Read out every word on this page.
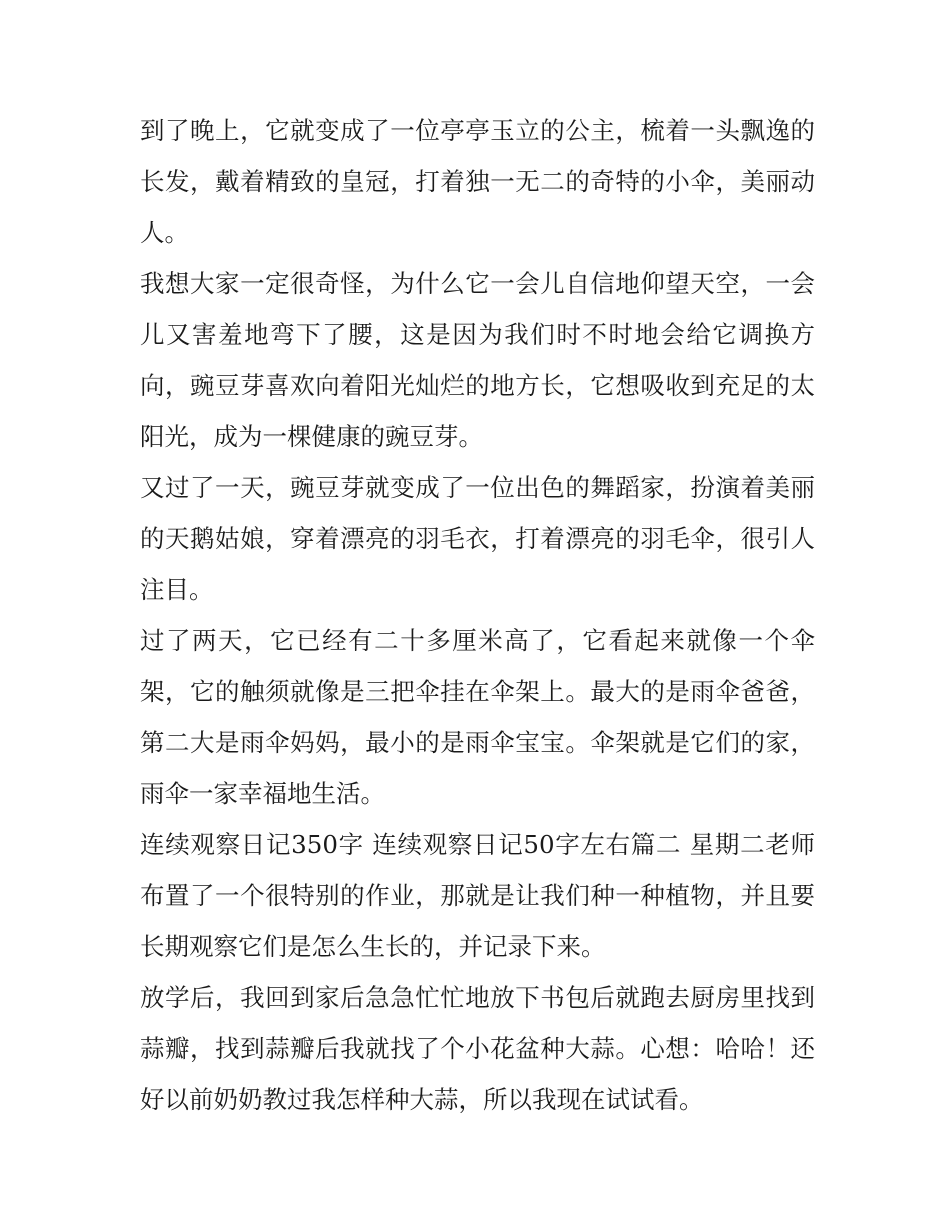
到了晚上，它就变成了一位亭亭玉立的公主，梳着一头飘逸的长发，戴着精致的皇冠，打着独一无二的奇特的小伞，美丽动人。

我想大家一定很奇怪，为什么它一会儿自信地仰望天空，一会儿又害羞地弯下了腰，这是因为我们时不时地会给它调换方向，豌豆芽喜欢向着阳光灿烂的地方长，它想吸收到充足的太阳光，成为一棵健康的豌豆芽。

又过了一天，豌豆芽就变成了一位出色的舞蹈家，扮演着美丽的天鹅姑娘，穿着漂亮的羽毛衣，打着漂亮的羽毛伞，很引人注目。

过了两天，它已经有二十多厘米高了，它看起来就像一个伞架，它的触须就像是三把伞挂在伞架上。最大的是雨伞爸爸，第二大是雨伞妈妈，最小的是雨伞宝宝。伞架就是它们的家，雨伞一家幸福地生活。

连续观察日记350字 连续观察日记50字左右篇二 星期二老师布置了一个很特别的作业，那就是让我们种一种植物，并且要长期观察它们是怎么生长的，并记录下来。

放学后，我回到家后急急忙忙地放下书包后就跑去厨房里找到蒜瓣，找到蒜瓣后我就找了个小花盆种大蒜。心想：哈哈！还好以前奶奶教过我怎样种大蒜，所以我现在试试看。
